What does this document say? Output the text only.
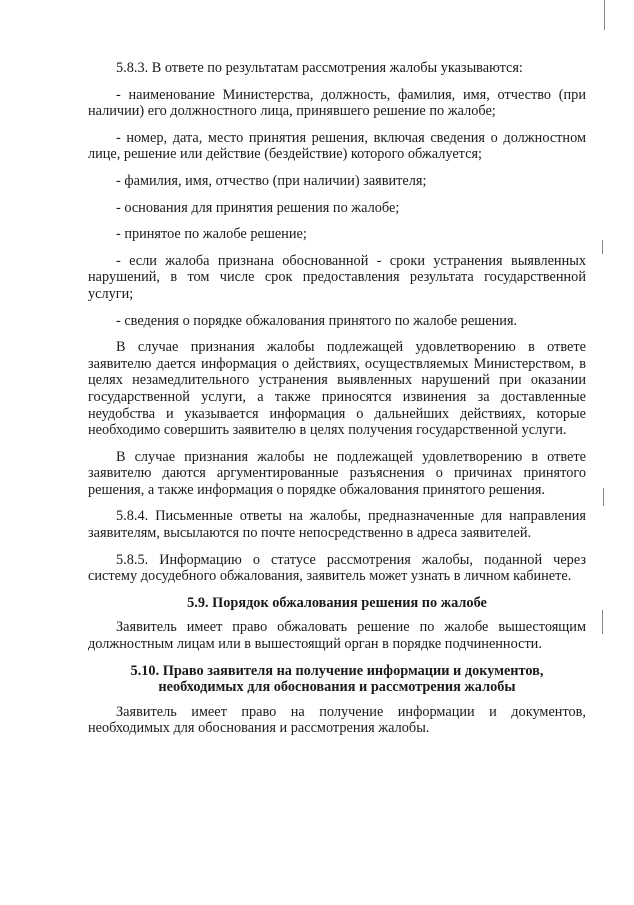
5.8.3. В ответе по результатам рассмотрения жалобы указываются:

- наименование Министерства, должность, фамилия, имя, отчество (при наличии) его должностного лица, принявшего решение по жалобе;

- номер, дата, место принятия решения, включая сведения о должностном лице, решение или действие (бездействие) которого обжалуется;

- фамилия, имя, отчество (при наличии) заявителя;

- основания для принятия решения по жалобе;

- принятое по жалобе решение;

- если жалоба признана обоснованной - сроки устранения выявленных нарушений, в том числе срок предоставления результата государственной услуги;

- сведения о порядке обжалования принятого по жалобе решения.

В случае признания жалобы подлежащей удовлетворению в ответе заявителю дается информация о действиях, осуществляемых Министерством, в целях незамедлительного устранения выявленных нарушений при оказании государственной услуги, а также приносятся извинения за доставленные неудобства и указывается информация о дальнейших действиях, которые необходимо совершить заявителю в целях получения государственной услуги.

В случае признания жалобы не подлежащей удовлетворению в ответе заявителю даются аргументированные разъяснения о причинах принятого решения, а также информация о порядке обжалования принятого решения.

5.8.4. Письменные ответы на жалобы, предназначенные для направления заявителям, высылаются по почте непосредственно в адреса заявителей.

5.8.5. Информацию о статусе рассмотрения жалобы, поданной через систему досудебного обжалования, заявитель может узнать в личном кабинете.

5.9. Порядок обжалования решения по жалобе

Заявитель имеет право обжаловать решение по жалобе вышестоящим должностным лицам или в вышестоящий орган в порядке подчиненности.

5.10. Право заявителя на получение информации и документов,
необходимых для обоснования и рассмотрения жалобы

Заявитель имеет право на получение информации и документов, необходимых для обоснования и рассмотрения жалобы.
